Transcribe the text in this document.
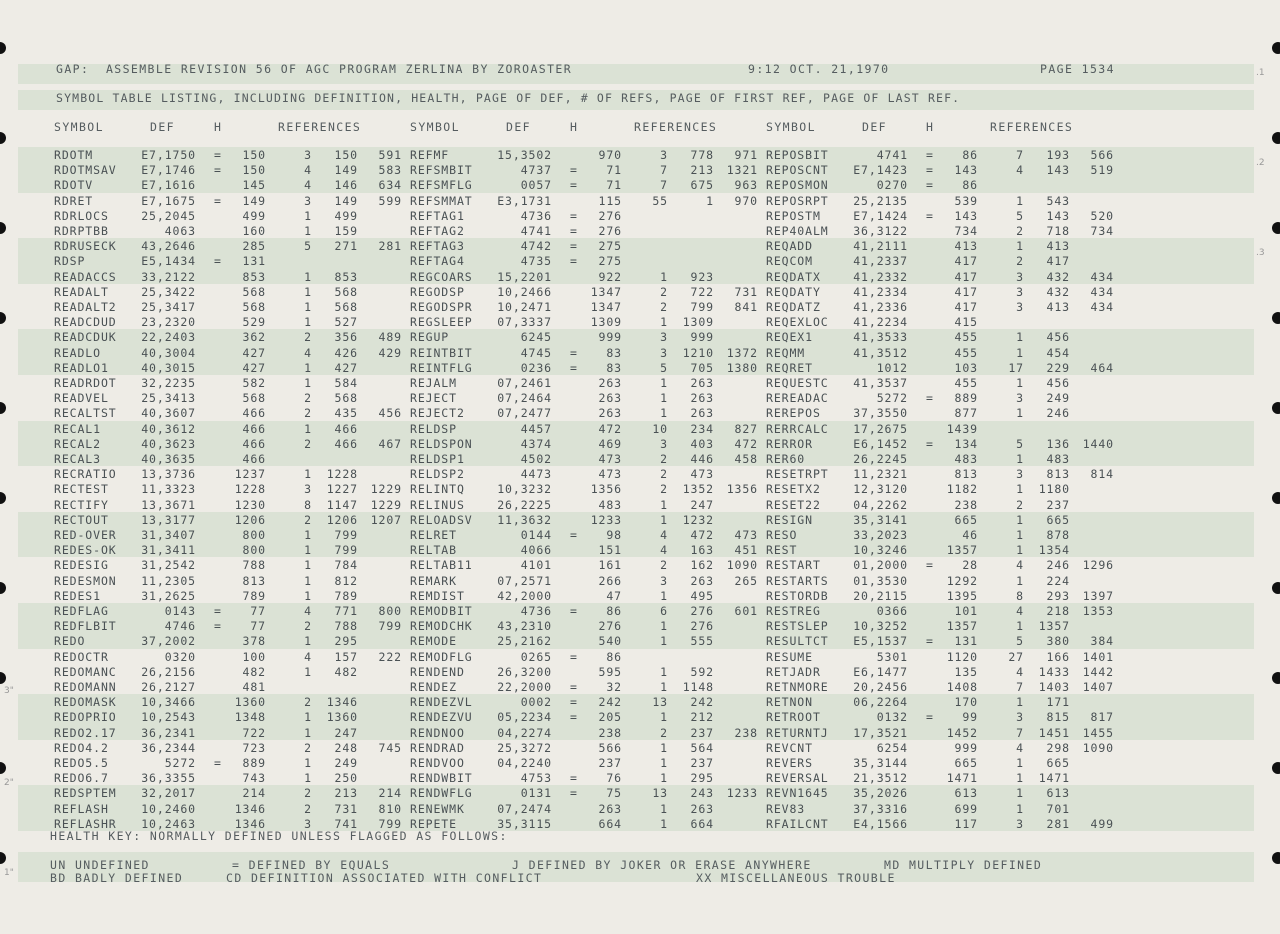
.1
.2
.3
3"
2"
1"
GAP:  ASSEMBLE REVISION 56 OF AGC PROGRAM ZERLINA BY ZOROASTER	9:12 OCT. 21,1970	PAGE 1534
SYMBOL TABLE LISTING, INCLUDING DEFINITION, HEALTH, PAGE OF DEF, # OF REFS, PAGE OF FIRST REF, PAGE OF LAST REF.
SYMBOL	DEF	H	REFERENCES	SYMBOL	DEF	H	REFERENCES	SYMBOL	DEF	H	REFERENCES
RDOTM	E7,1750 = 150	3 150 591 REFMF	15,3502	970	3 778 971 REPOSBIT	4741 = 86	7 193 566
RDOTMSAV E7,1746 = 150	4 149 583 REFSMBIT	4737 = 71	7 213 1321 REPOSCNT E7,1423 = 143	4 143 519
RDOTV	E7,1616	145	4 146 634 REFSMFLG	0057 = 71	7 675 963 REPOSMON	0270 = 86
RDRET	E7,1675 = 149	3 149 599 REFSMMAT E3,1731	115	55	1 970 REPOSRPT 25,2135	539	1 543
RDRLOCS	25,2045	499	1 499	REFTAG1	4736 = 276	REPOSTM	E7,1424 = 143	5 143 520
RDRPTBB	4063	160	1 159	REFTAG2	4741 = 276	REP40ALM 36,3122	734	2 718 734
RDRUSECK 43,2646	285	5 271 281 REFTAG3	4742 = 275	REQADD	41,2111	413	1 413
RDSP	E5,1434 = 131	REFTAG4	4735 = 275	REQCOM	41,2337	417	2 417
READACCS 33,2122	853	1 853	REGCOARS 15,2201	922	1 923	REQDATX	41,2332	417	3 432 434
READALT	25,3422	568	1 568	REGODSP	10,2466	1347	2 722 731 REQDATY	41,2334	417	3 432 434
READALT2 25,3417	568	1 568	REGODSPR 10,2471	1347	2 799 841 REQDATZ	41,2336	417	3 413 434
READCDUD 23,2320	529	1 527	REGSLEEP 07,3337	1309	1 1309	REQEXLOC 41,2234	415
READCDUK 22,2403	362	2 356 489 REGUP	6245	999	3 999	REQEX1	41,3533	455	1 456
READLO	40,3004	427	4 426 429 REINTBIT	4745 = 83	3 1210 1372 REQMM	41,3512	455	1 454
READLO1	40,3015	427	1 427	REINTFLG	0236 = 83	5 705 1380 REQRET	1012	103	17 229 464
READRDOT 32,2235	582	1 584	REJALM	07,2461	263	1 263	REQUESTC 41,3537	455	1 456
READVEL	25,3413	568	2 568	REJECT	07,2464	263	1 263	REREADAC	5272 = 889	3 249
RECALTST 40,3607	466	2 435 456 REJECT2	07,2477	263	1 263	REREPOS	37,3550	877	1 246
RECAL1	40,3612	466	1 466	RELDSP	4457	472	10 234 827 RERRCALC 17,2675	1439
RECAL2	40,3623	466	2 466 467 RELDSPON	4374	469	3 403 472 RERROR	E6,1452 = 134	5 136 1440
RECAL3	40,3635	466	RELDSP1	4502	473	2 446 458 RER60	26,2245	483	1 483
RECRATIO 13,3736	1237	1 1228	RELDSP2	4473	473	2 473	RESETRPT 11,2321	813	3 813 814
RECTEST	11,3323	1228	3 1227 1229 RELINTQ	10,3232	1356	2 1352 1356 RESETX2	12,3120	1182	1 1180
RECTIFY	13,3671	1230	8 1147 1229 RELINUS	26,2225	483	1 247	RESET22	04,2262	238	2 237
RECTOUT	13,3177	1206	2 1206 1207 RELOADSV 11,3632	1233	1 1232	RESIGN	35,3141	665	1 665
RED-OVER 31,3407	800	1 799	RELRET	0144 = 98	4 472 473 RESO	33,2023	46	1 878
REDES-OK 31,3411	800	1 799	RELTAB	4066	151	4 163 451 REST	10,3246	1357	1 1354
REDESIG	31,2542	788	1 784	RELTAB11	4101	161	2 162 1090 RESTART	01,2000 = 28	4 246 1296
REDESMON 11,2305	813	1 812	REMARK	07,2571	266	3 263 265 RESTARTS 01,3530	1292	1 224
REDES1	31,2625	789	1 789	REMDIST	42,2000	47	1 495	RESTORDB 20,2115	1395	8 293 1397
REDFLAG	0143 = 77	4 771 800 REMODBIT	4736 = 86	6 276 601 RESTREG	0366	101	4 218 1353
REDFLBIT	4746 = 77	2 788 799 REMODCHK 43,2310	276	1 276	RESTSLEP 10,3252	1357	1 1357
REDO	37,2002	378	1 295	REMODE	25,2162	540	1 555	RESULTCT E5,1537 = 131	5 380 384
REDOCTR	0320	100	4 157 222 REMODFLG	0265 = 86	RESUME	5301	1120	27 166 1401
REDOMANC 26,2156	482	1 482	RENDEND	26,3200	595	1 592	RETJADR	E6,1477	135	4 1433 1442
REDOMANN 26,2127	481	RENDEZ	22,2000 = 32	1 1148	RETNMORE 20,2456	1408	7 1403 1407
REDOMASK 10,3466	1360	2 1346	RENDEZVL	0002 = 242	13 242	RETNON	06,2264	170	1 171
REDOPRIO 10,2543	1348	1 1360	RENDEZVU 05,2234 = 205	1 212	RETROOT	0132 = 99	3 815 817
REDO2.17 36,2341	722	1 247	RENDNOO	04,2274	238	2 237 238 RETURNTJ 17,3521	1452	7 1451 1455
REDO4.2	36,2344	723	2 248 745 RENDRAD	25,3272	566	1 564	REVCNT	6254	999	4 298 1090
REDO5.5	5272 = 889	1 249	RENDVOO	04,2240	237	1 237	REVERS	35,3144	665	1 665
REDO6.7	36,3355	743	1 250	RENDWBIT	4753 = 76	1 295	REVERSAL 21,3512	1471	1 1471
REDSPTEM 32,2017	214	2 213 214 RENDWFLG	0131 = 75	13 243 1233 REVN1645 35,2026	613	1 613
REFLASH	10,2460	1346	2 731 810 RENEWMK	07,2474	263	1 263	REV83	37,3316	699	1 701
REFLASHR 10,2463	1346	3 741 799 REPETE	35,3115	664	1 664	RFAILCNT E4,1566	117	3 281 499
HEALTH KEY: NORMALLY DEFINED UNLESS FLAGGED AS FOLLOWS:
UN UNDEFINED	= DEFINED BY EQUALS	J DEFINED BY JOKER OR ERASE ANYWHERE	MD MULTIPLY DEFINED
BD BADLY DEFINED	CD DEFINITION ASSOCIATED WITH CONFLICT	XX MISCELLANEOUS TROUBLE
